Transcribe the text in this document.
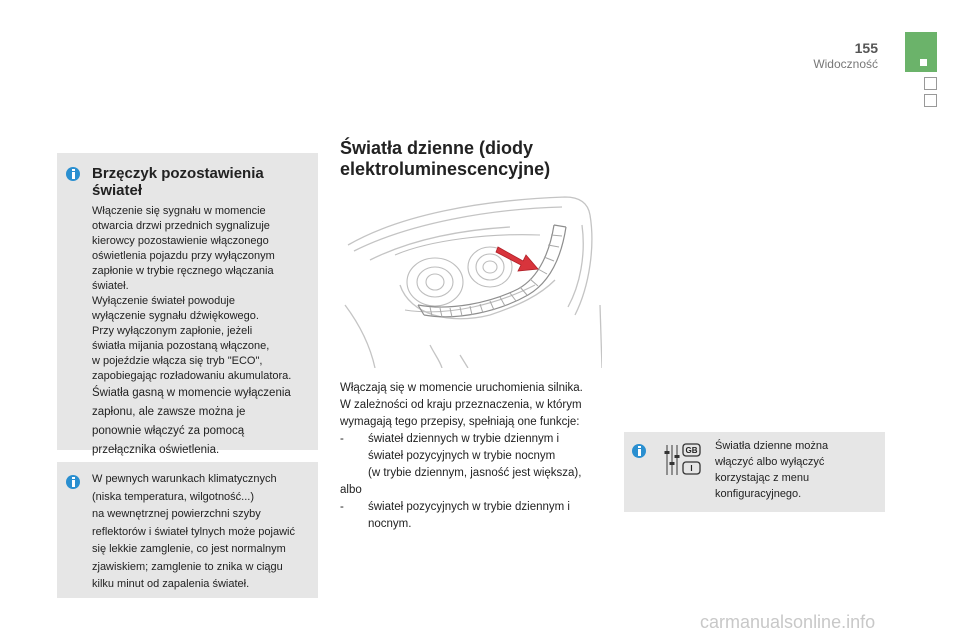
155
Widoczność
Brzęczyk pozostawienia świateł

Włączenie się sygnału w momencie

otwarcia drzwi przednich sygnalizuje

kierowcy pozostawienie włączonego

oświetlenia pojazdu przy wyłączonym

zapłonie w trybie ręcznego włączania

świateł.

Wyłączenie świateł powoduje

wyłączenie sygnału dźwiękowego.

Przy wyłączonym zapłonie, jeżeli

światła mijania pozostaną włączone,

w pojeździe włącza się tryb "ECO",

zapobiegając rozładowaniu akumulatora.

Światła gasną w momencie wyłączenia

zapłonu, ale zawsze można je

ponownie włączyć za pomocą

przełącznika oświetlenia.

W pewnych warunkach klimatycznych
(niska temperatura, wilgotność...)
na wewnętrznej powierzchni szyby
reflektorów i świateł tylnych może pojawić
się lekkie zamglenie, co jest normalnym
zjawiskiem; zamglenie to znika w ciągu
kilku minut od zapalenia świateł.
Światła dzienne (diody
elektroluminescencyjne)
Włączają się w momencie uruchomienia silnika.
W zależności od kraju przeznaczenia, w którym
wymagają tego przepisy, spełniają one funkcje:
- świateł dziennych w trybie dziennym i
świateł pozycyjnych w trybie nocnym
(w trybie dziennym, jasność jest większa),
albo
- świateł pozycyjnych w trybie dziennym i
nocnym.
GB
I
Światła dzienne można
włączyć albo wyłączyć
korzystając z menu
konfiguracyjnego.
carmanualsonline.info
